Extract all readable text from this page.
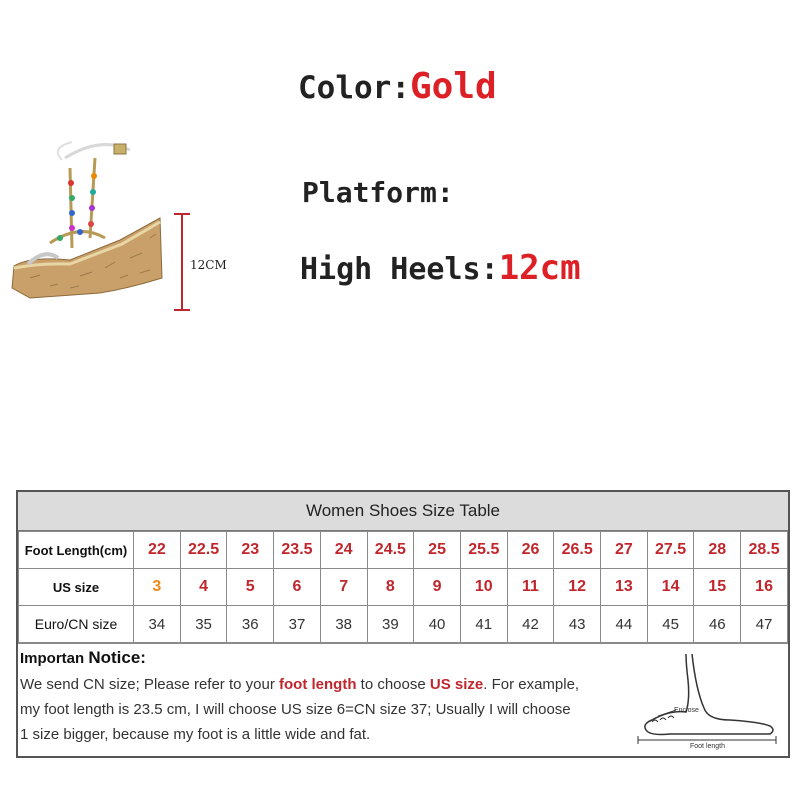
Color:Gold
Platform:
High Heels:12cm
12CM
Women Shoes Size Table
Foot Length(cm)	22	22.5	23	23.5	24	24.5	25	25.5	26	26.5	27	27.5	28	28.5
US size	3	4	5	6	7	8	9	10	11	12	13	14	15	16
Euro/CN size	34	35	36	37	38	39	40	41	42	43	44	45	46	47
Importan Notice:
We send CN size; Please refer to your foot length to choose US size. For example,
my foot length is 23.5 cm, I will choose US size 6=CN size 37; Usually I will choose
1 size bigger, because my foot is a little wide and fat.
Enclose
Foot length
